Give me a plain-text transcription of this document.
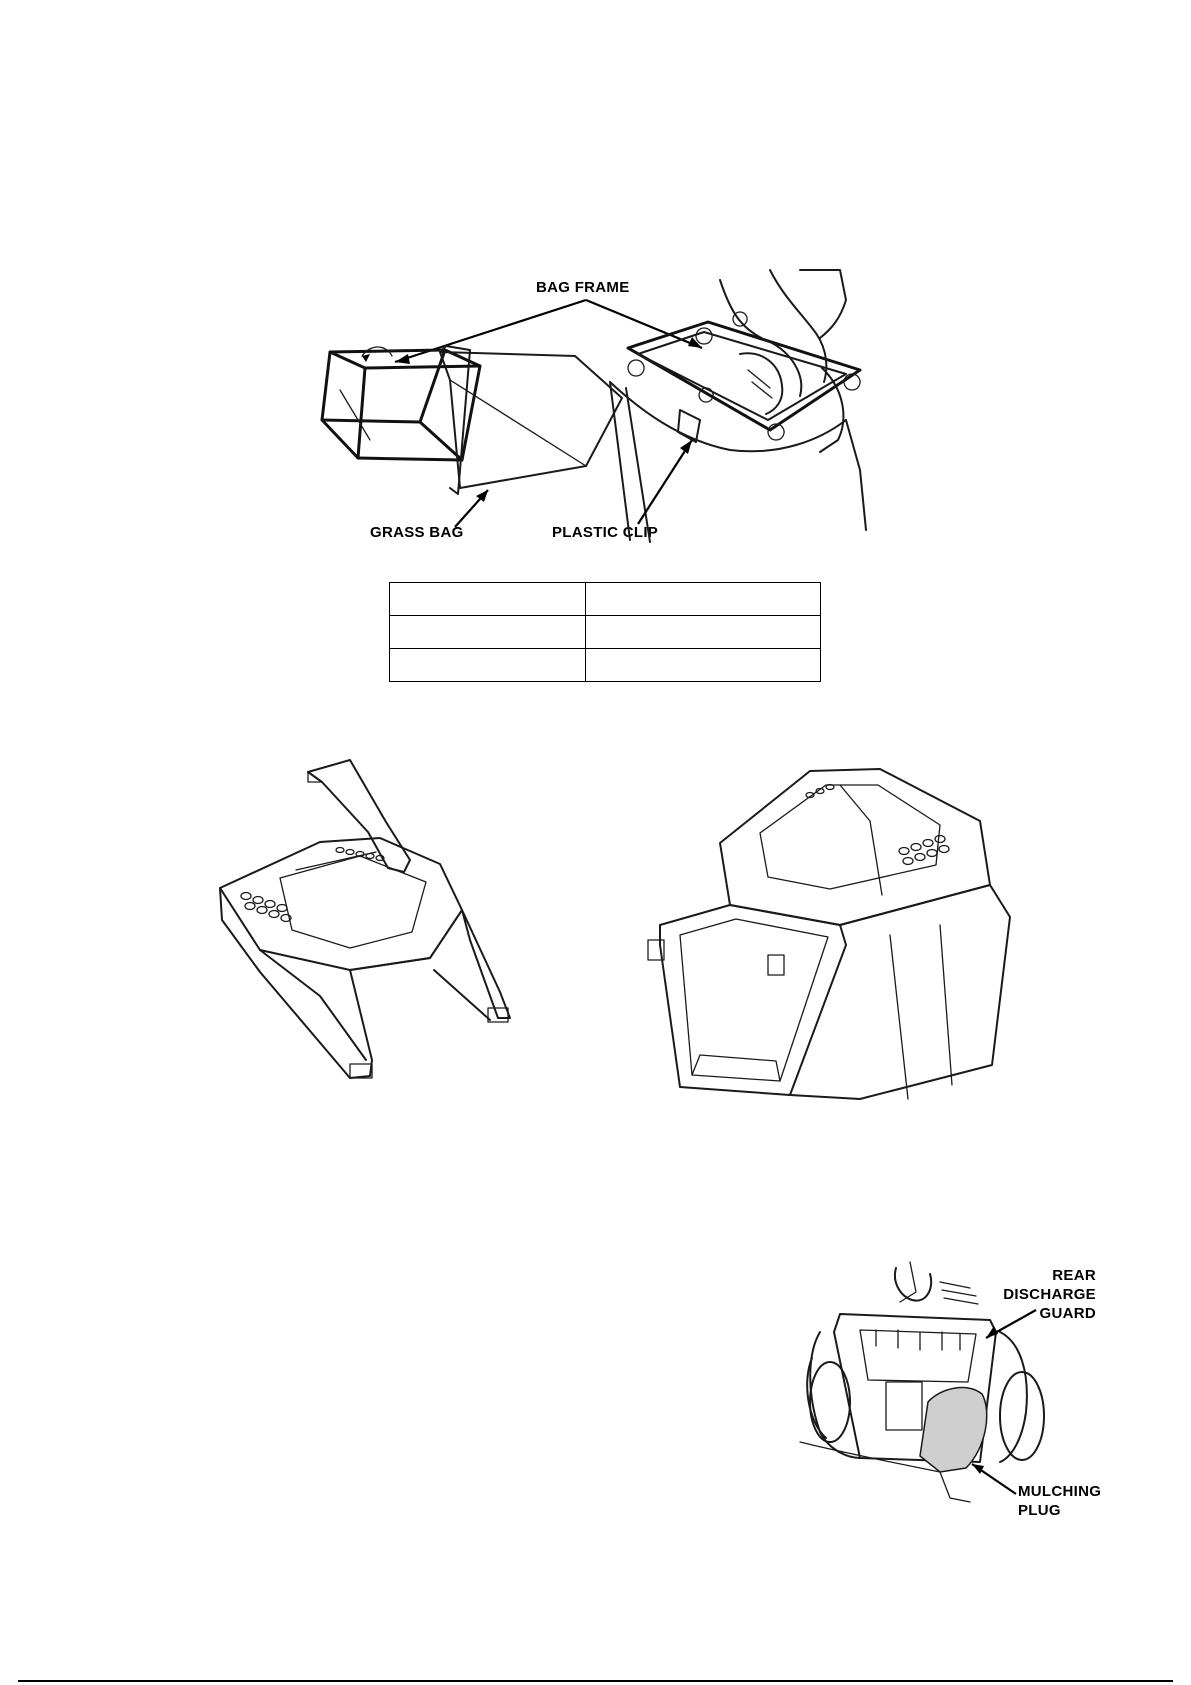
BAG FRAME
GRASS BAG	PLASTIC CLIP

REAR
DISCHARGE
GUARD
MULCHING
PLUG
